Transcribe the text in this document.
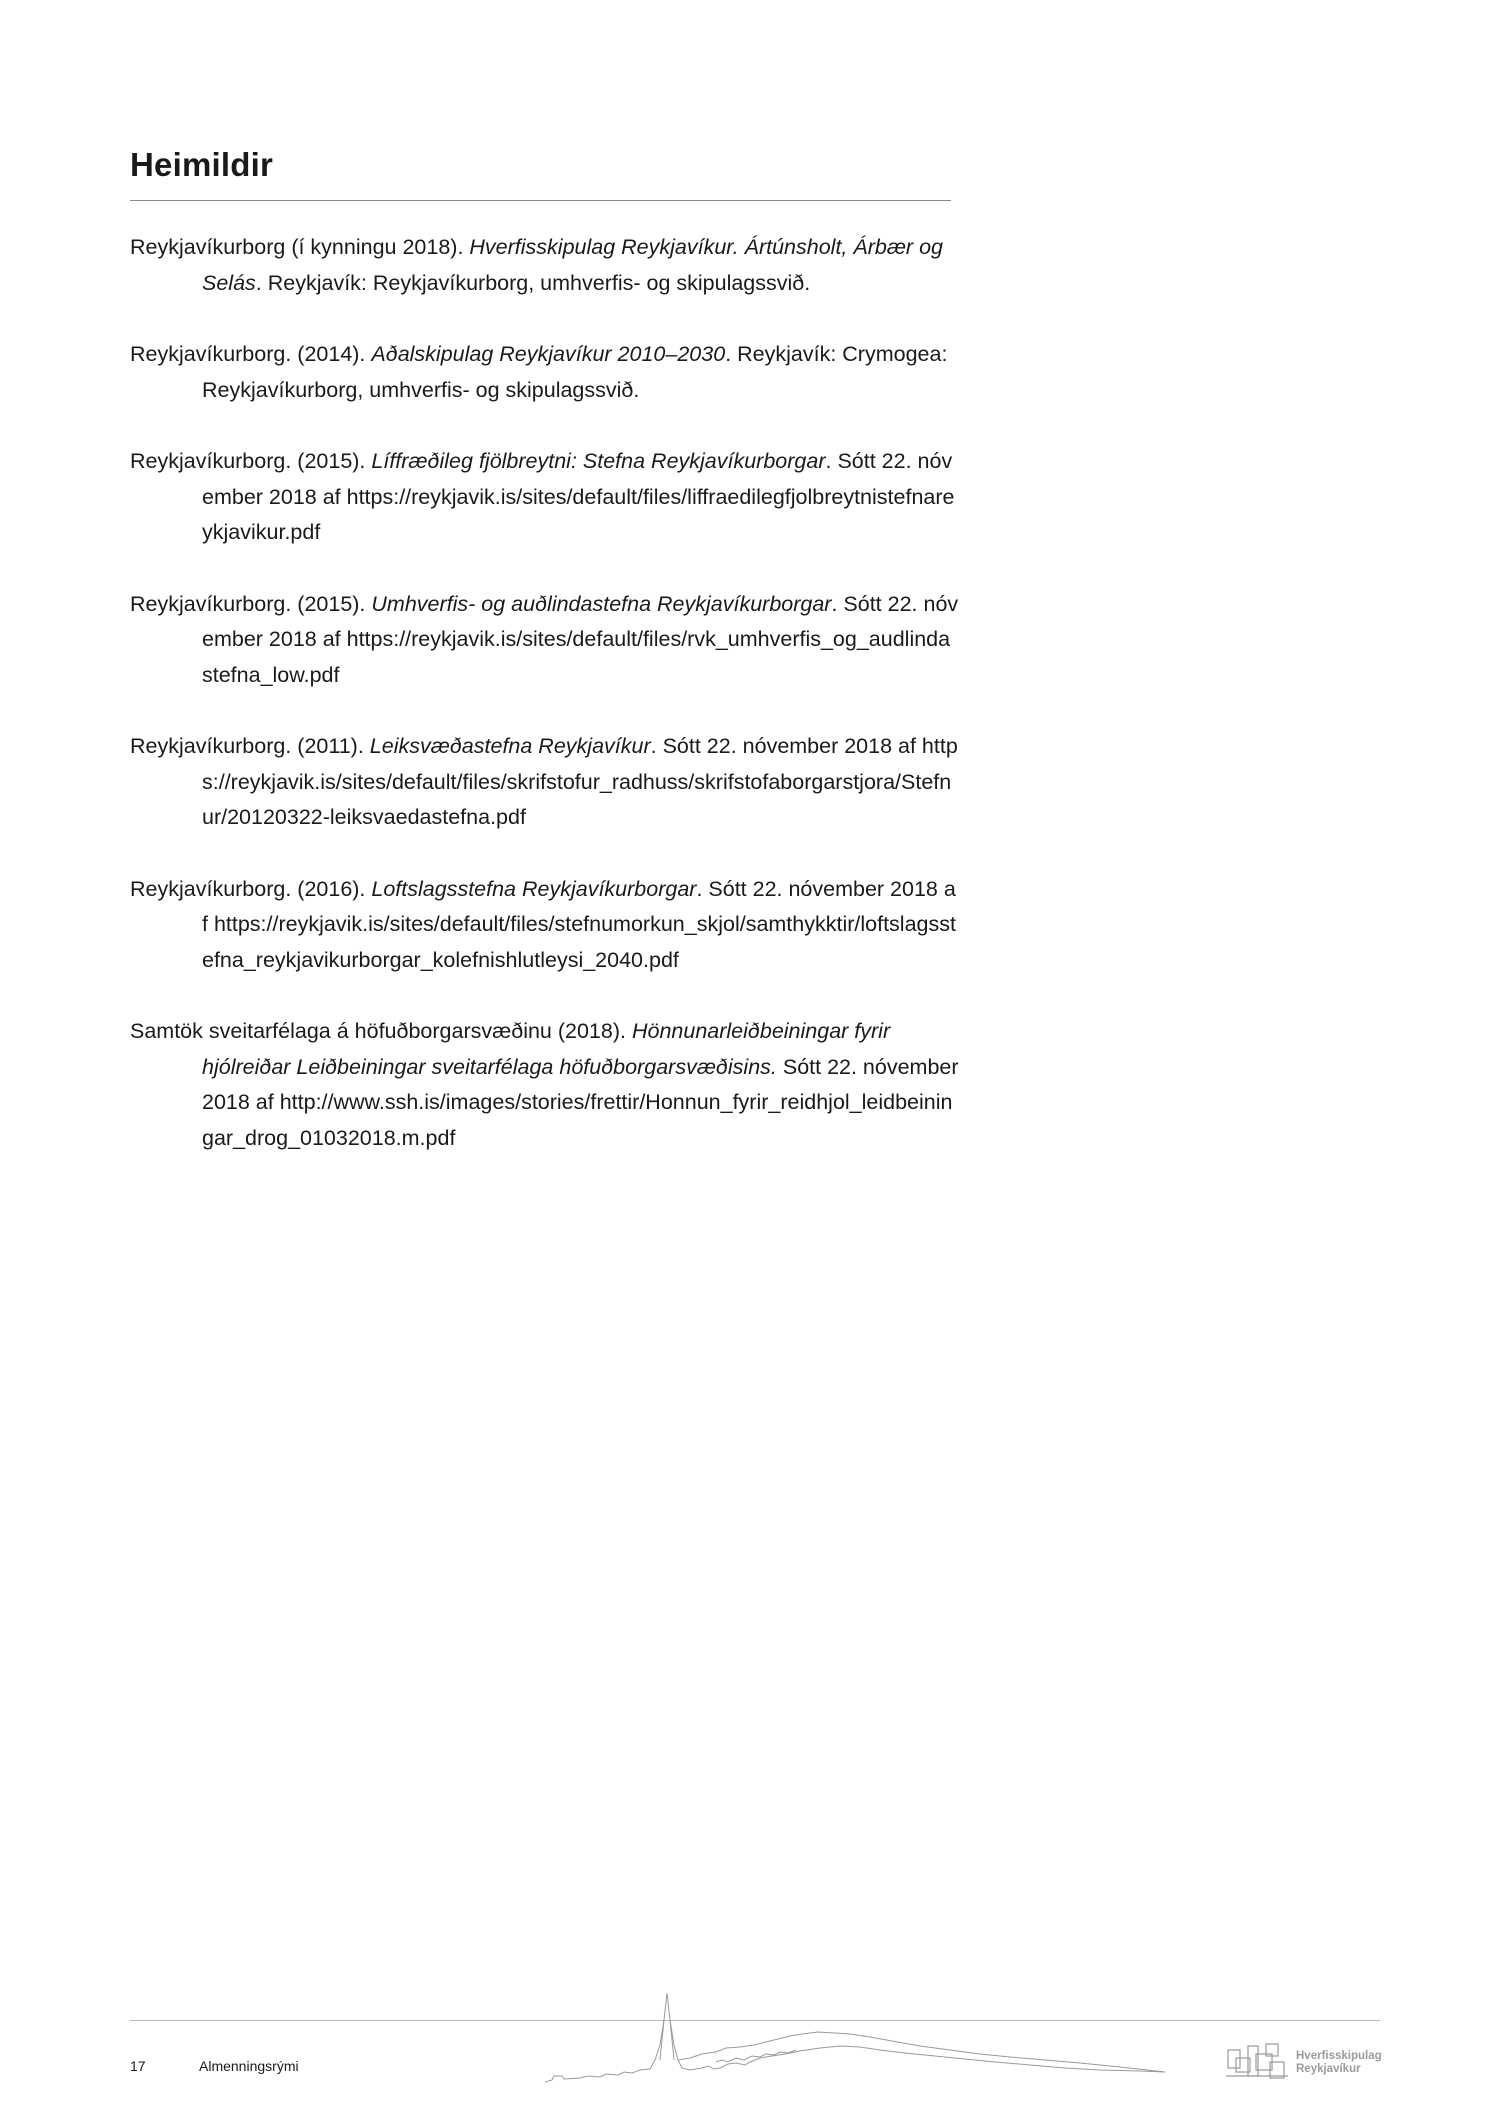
Heimildir

Reykjavíkurborg (í kynningu 2018). Hverfisskipulag Reykjavíkur. Ártúnsholt, Árbær og Selás. Reykjavík: Reykjavíkurborg, umhverfis- og skipulagssvið.

Reykjavíkurborg. (2014). Aðalskipulag Reykjavíkur 2010–2030. Reykjavík: Crymogea: Reykjavíkurborg, umhverfis- og skipulagssvið.

Reykjavíkurborg. (2015). Líffræðileg fjölbreytni: Stefna Reykjavíkurborgar. Sótt 22. nóvember 2018 af https://reykjavik.is/sites/default/files/liffraedilegfjolbreytnistefnareykjavikur.pdf

Reykjavíkurborg. (2015). Umhverfis- og auðlindastefna Reykjavíkurborgar. Sótt 22. nóvember 2018 af https://reykjavik.is/sites/default/files/rvk_umhverfis_og_audlindastefna_low.pdf

Reykjavíkurborg. (2011). Leiksvæðastefna Reykjavíkur. Sótt 22. nóvember 2018 af https://reykjavik.is/sites/default/files/skrifstofur_radhuss/skrifstofaborgarstjora/Stefnur/20120322-leiksvaedastefna.pdf

Reykjavíkurborg. (2016). Loftslagsstefna Reykjavíkurborgar. Sótt 22. nóvember 2018 af https://reykjavik.is/sites/default/files/stefnumorkun_skjol/samthykktir/loftslagsstefna_reykjavikurborgar_kolefnishlutleysi_2040.pdf

Samtök sveitarfélaga á höfuðborgarsvæðinu (2018). Hönnunarleiðbeiningar fyrir hjólreiðar Leiðbeiningar sveitarfélaga höfuðborgarsvæðisins. Sótt 22. nóvember 2018 af http://www.ssh.is/images/stories/frettir/Honnun_fyrir_reidhjol_leidbeiningar_drog_01032018.m.pdf

17	Almenningsrými
Hverfisskipulag
Reykjavíkur
